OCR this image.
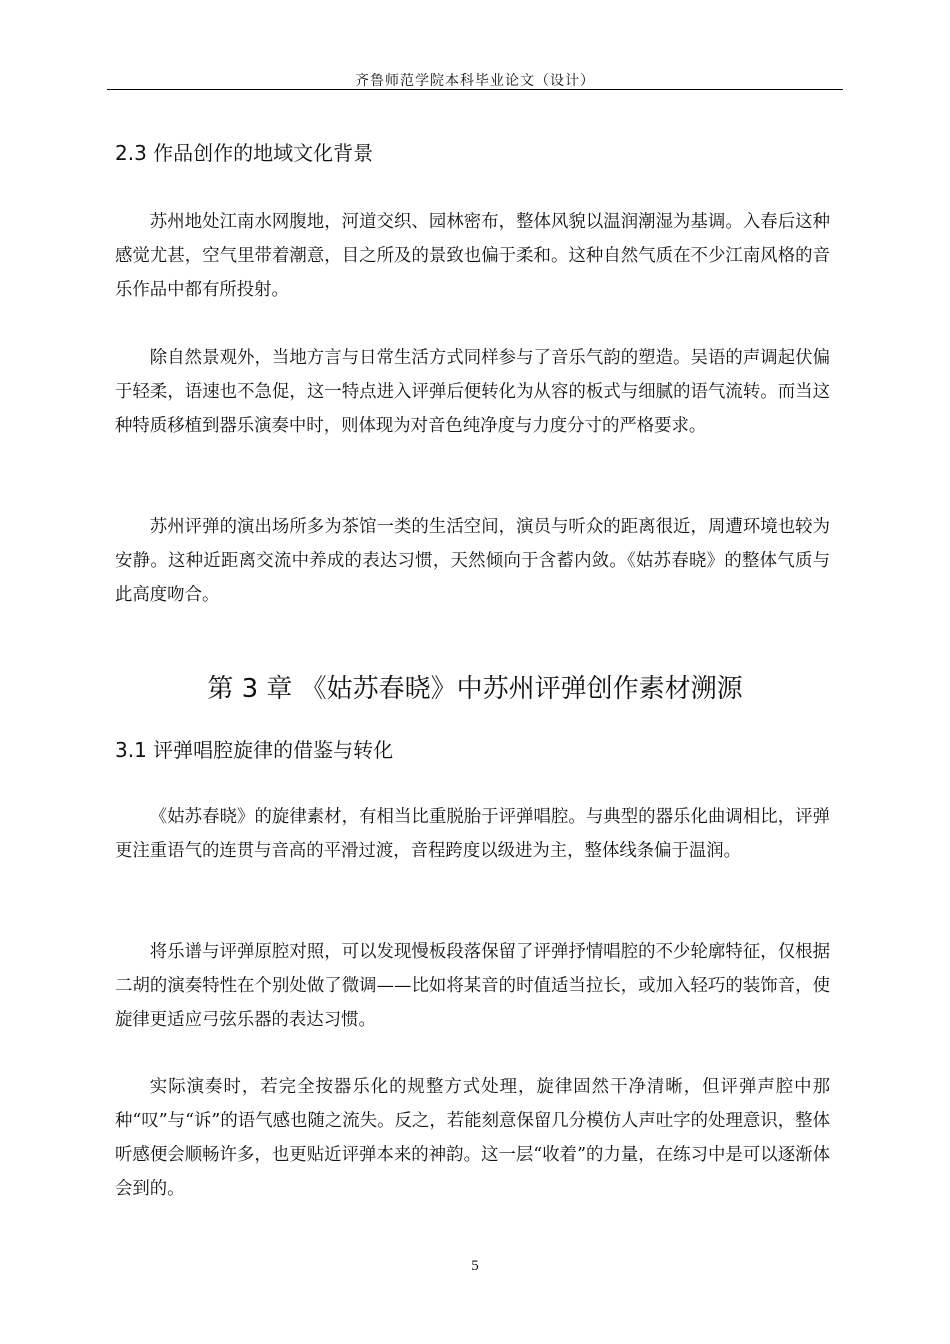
齐鲁师范学院本科毕业论文（设计）
2.3 作品创作的地域文化背景

苏州地处江南水网腹地，河道交织、园林密布，整体风貌以温润潮湿为基调。入春后这种感觉尤甚，空气里带着潮意，目之所及的景致也偏于柔和。这种自然气质在不少江南风格的音乐作品中都有所投射。

除自然景观外，当地方言与日常生活方式同样参与了音乐气韵的塑造。吴语的声调起伏偏于轻柔，语速也不急促，这一特点进入评弹后便转化为从容的板式与细腻的语气流转。而当这种特质移植到器乐演奏中时，则体现为对音色纯净度与力度分寸的严格要求。

苏州评弹的演出场所多为茶馆一类的生活空间，演员与听众的距离很近，周遭环境也较为安静。这种近距离交流中养成的表达习惯，天然倾向于含蓄内敛。《姑苏春晓》的整体气质与此高度吻合。

第 3 章 《姑苏春晓》中苏州评弹创作素材溯源
3.1 评弹唱腔旋律的借鉴与转化

《姑苏春晓》的旋律素材，有相当比重脱胎于评弹唱腔。与典型的器乐化曲调相比，评弹更注重语气的连贯与音高的平滑过渡，音程跨度以级进为主，整体线条偏于温润。

将乐谱与评弹原腔对照，可以发现慢板段落保留了评弹抒情唱腔的不少轮廓特征，仅根据二胡的演奏特性在个别处做了微调——比如将某音的时值适当拉长，或加入轻巧的装饰音，使旋律更适应弓弦乐器的表达习惯。

实际演奏时，若完全按器乐化的规整方式处理，旋律固然干净清晰，但评弹声腔中那种“叹”与“诉”的语气感也随之流失。反之，若能刻意保留几分模仿人声吐字的处理意识，整体听感便会顺畅许多，也更贴近评弹本来的神韵。这一层“收着”的力量，在练习中是可以逐渐体会到的。

5
